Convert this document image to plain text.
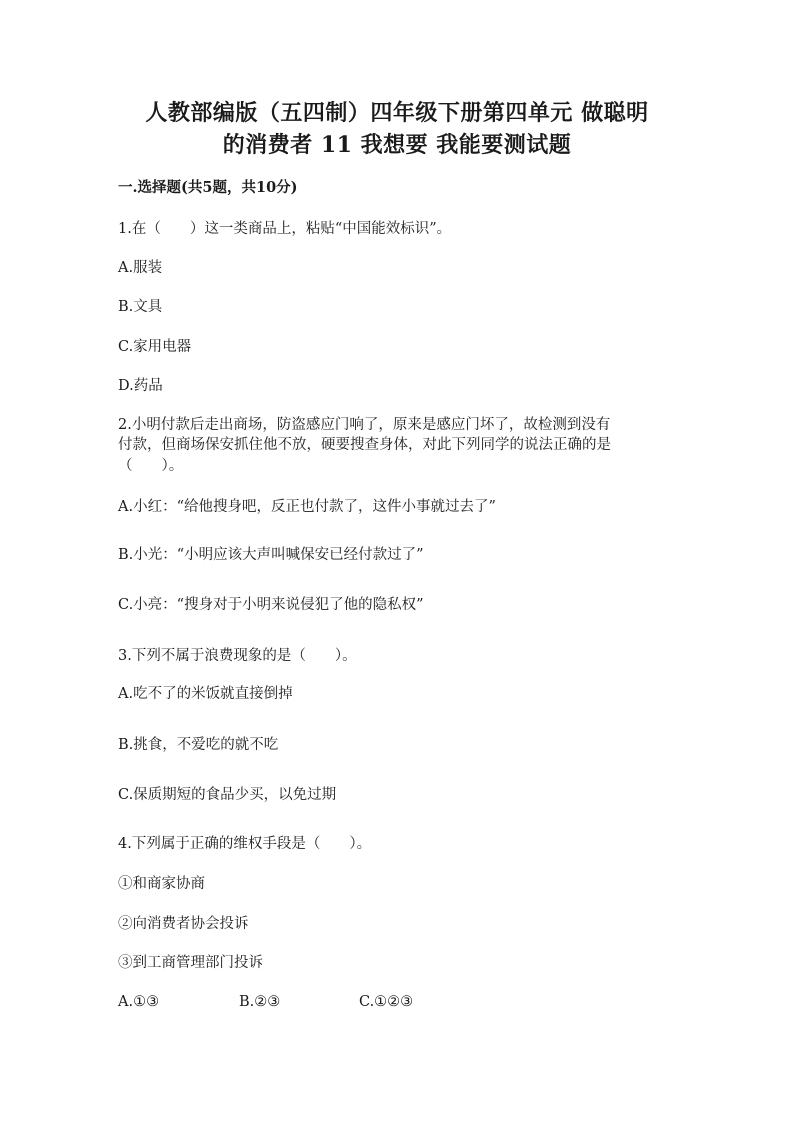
人教部编版（五四制）四年级下册第四单元 做聪明
的消费者 11 我想要 我能要测试题
一.选择题(共5题，共10分)
1.在（　　）这一类商品上，粘贴“中国能效标识”。
A.服装
B.文具
C.家用电器
D.药品
2.小明付款后走出商场，防盗感应门响了，原来是感应门坏了，故检测到没有
付款，但商场保安抓住他不放，硬要搜查身体，对此下列同学的说法正确的是
（　　）。
A.小红：“给他搜身吧，反正也付款了，这件小事就过去了”
B.小光：“小明应该大声叫喊保安已经付款过了”
C.小亮：“搜身对于小明来说侵犯了他的隐私权”
3.下列不属于浪费现象的是（　　）。
A.吃不了的米饭就直接倒掉
B.挑食，不爱吃的就不吃
C.保质期短的食品少买，以免过期
4.下列属于正确的维权手段是（　　）。
①和商家协商
②向消费者协会投诉
③到工商管理部门投诉
A.①③	B.②③	C.①②③
